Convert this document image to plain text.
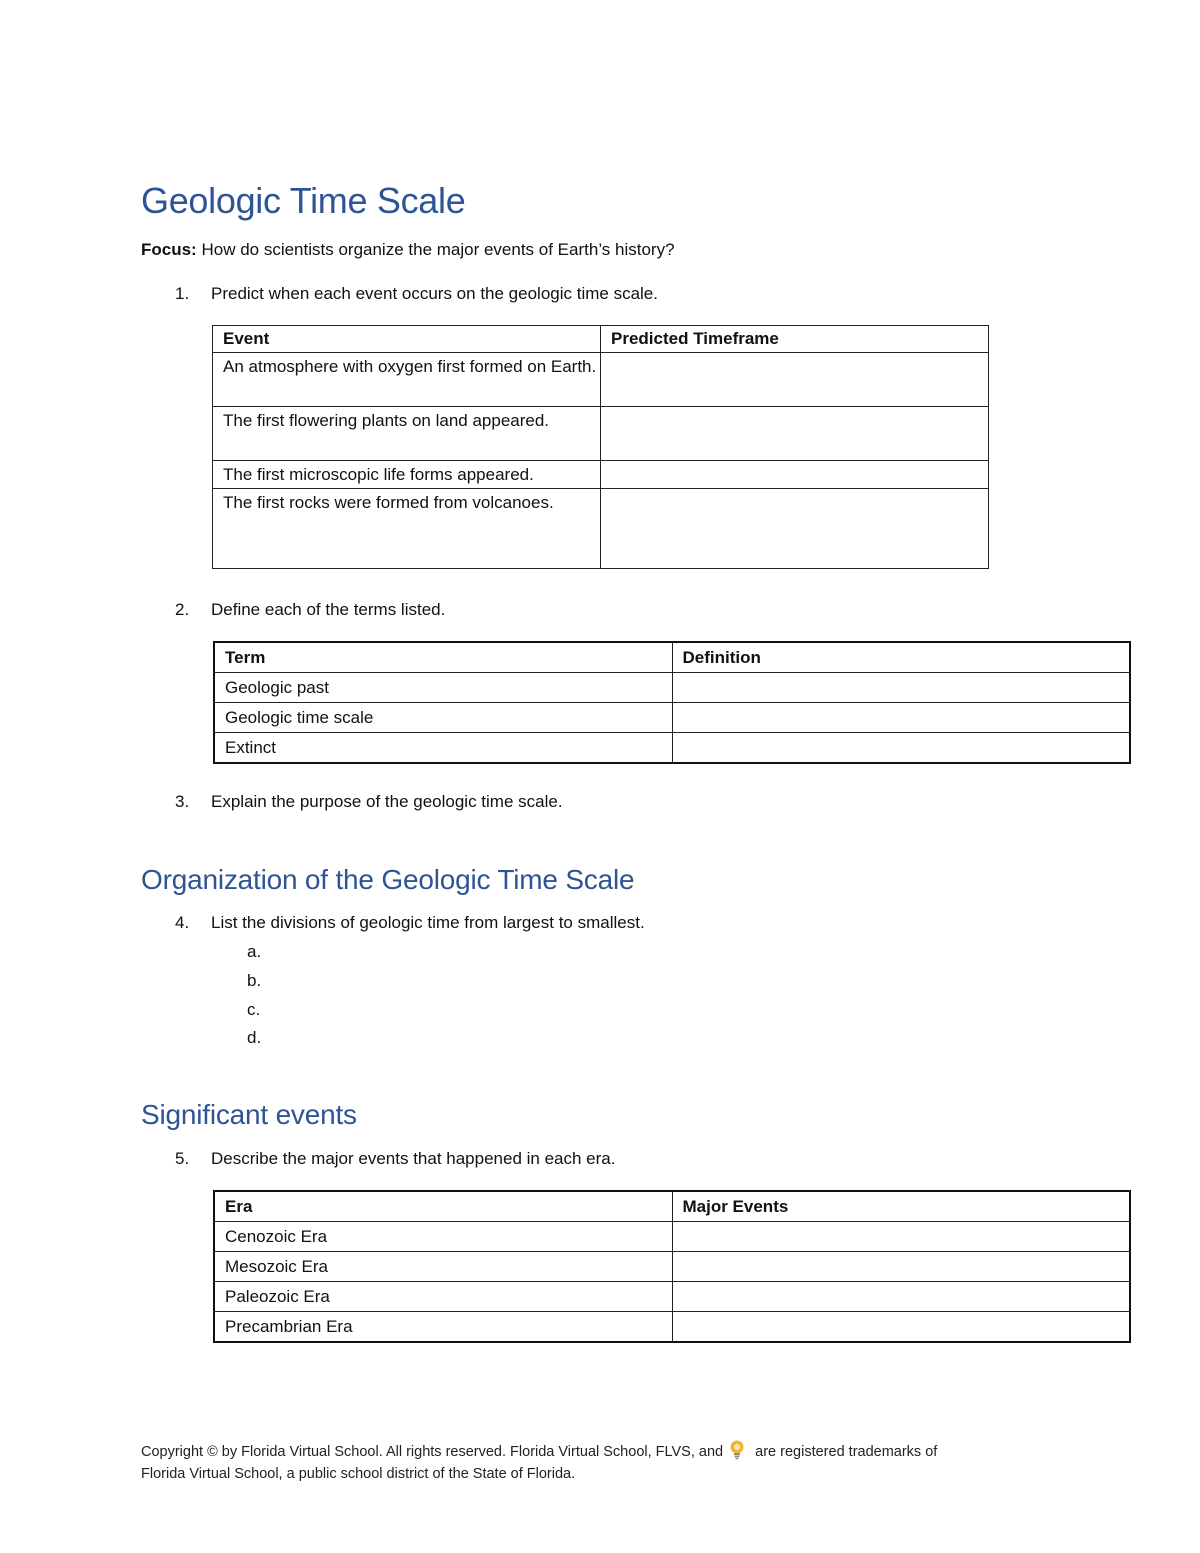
Geologic Time Scale
Focus: How do scientists organize the major events of Earth’s history?
1. Predict when each event occurs on the geologic time scale.
Event	Predicted Timeframe
An atmosphere with oxygen first formed on Earth.	
The first flowering plants on land appeared.	
The first microscopic life forms appeared.	
The first rocks were formed from volcanoes.	
2. Define each of the terms listed.
Term	Definition
Geologic past	
Geologic time scale	
Extinct	
3. Explain the purpose of the geologic time scale.
Organization of the Geologic Time Scale
4. List the divisions of geologic time from largest to smallest.
a.
b.
c.
d.
Significant events
5. Describe the major events that happened in each era.
Era	Major Events
Cenozoic Era	
Mesozoic Era	
Paleozoic Era	
Precambrian Era	
Copyright © by Florida Virtual School. All rights reserved. Florida Virtual School, FLVS, and  are registered trademarks of
Florida Virtual School, a public school district of the State of Florida.
